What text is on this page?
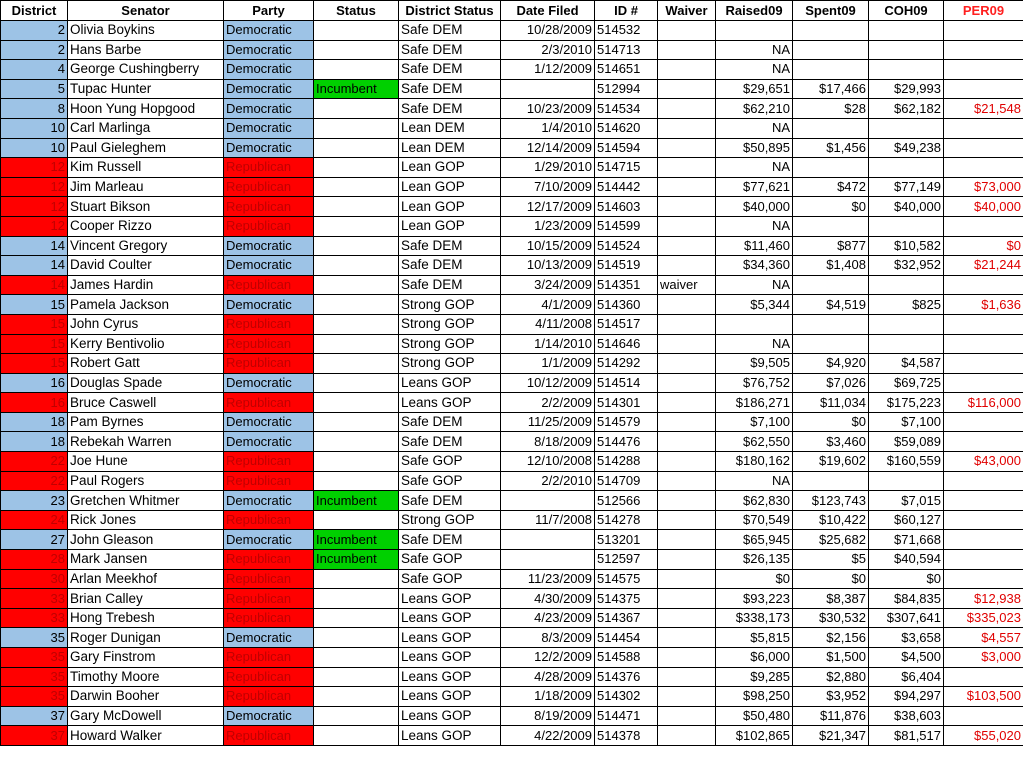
District	Senator	Party	Status	District Status	Date Filed	ID #	Waiver	Raised09	Spent09	COH09	PER09
2	Olivia Boykins	Democratic		Safe DEM	10/28/2009	514532					
2	Hans Barbe	Democratic		Safe DEM	2/3/2010	514713		NA			
4	George Cushingberry	Democratic		Safe DEM	1/12/2009	514651		NA			
5	Tupac Hunter	Democratic	Incumbent	Safe DEM		512994		$29,651	$17,466	$29,993	
8	Hoon Yung Hopgood	Democratic		Safe DEM	10/23/2009	514534		$62,210	$28	$62,182	$21,548
10	Carl Marlinga	Democratic		Lean DEM	1/4/2010	514620		NA			
10	Paul Gieleghem	Democratic		Lean DEM	12/14/2009	514594		$50,895	$1,456	$49,238	
12	Kim Russell	Republican		Lean GOP	1/29/2010	514715		NA			
12	Jim Marleau	Republican		Lean GOP	7/10/2009	514442		$77,621	$472	$77,149	$73,000
12	Stuart Bikson	Republican		Lean GOP	12/17/2009	514603		$40,000	$0	$40,000	$40,000
12	Cooper Rizzo	Republican		Lean GOP	1/23/2009	514599		NA			
14	Vincent Gregory	Democratic		Safe DEM	10/15/2009	514524		$11,460	$877	$10,582	$0
14	David Coulter	Democratic		Safe DEM	10/13/2009	514519		$34,360	$1,408	$32,952	$21,244
14	James Hardin	Republican		Safe DEM	3/24/2009	514351	waiver	NA			
15	Pamela Jackson	Democratic		Strong GOP	4/1/2009	514360		$5,344	$4,519	$825	$1,636
15	John Cyrus	Republican		Strong GOP	4/11/2008	514517					
15	Kerry Bentivolio	Republican		Strong GOP	1/14/2010	514646		NA			
15	Robert Gatt	Republican		Strong GOP	1/1/2009	514292		$9,505	$4,920	$4,587	
16	Douglas Spade	Democratic		Leans GOP	10/12/2009	514514		$76,752	$7,026	$69,725	
16	Bruce Caswell	Republican		Leans GOP	2/2/2009	514301		$186,271	$11,034	$175,223	$116,000
18	Pam Byrnes	Democratic		Safe DEM	11/25/2009	514579		$7,100	$0	$7,100	
18	Rebekah Warren	Democratic		Safe DEM	8/18/2009	514476		$62,550	$3,460	$59,089	
22	Joe Hune	Republican		Safe GOP	12/10/2008	514288		$180,162	$19,602	$160,559	$43,000
22	Paul Rogers	Republican		Safe GOP	2/2/2010	514709		NA			
23	Gretchen Whitmer	Democratic	Incumbent	Safe DEM		512566		$62,830	$123,743	$7,015	
24	Rick Jones	Republican		Strong GOP	11/7/2008	514278		$70,549	$10,422	$60,127	
27	John Gleason	Democratic	Incumbent	Safe DEM		513201		$65,945	$25,682	$71,668	
28	Mark Jansen	Republican	Incumbent	Safe GOP		512597		$26,135	$5	$40,594	
30	Arlan Meekhof	Republican		Safe GOP	11/23/2009	514575		$0	$0	$0	
33	Brian Calley	Republican		Leans GOP	4/30/2009	514375		$93,223	$8,387	$84,835	$12,938
33	Hong Trebesh	Republican		Leans GOP	4/23/2009	514367		$338,173	$30,532	$307,641	$335,023
35	Roger Dunigan	Democratic		Leans GOP	8/3/2009	514454		$5,815	$2,156	$3,658	$4,557
35	Gary Finstrom	Republican		Leans GOP	12/2/2009	514588		$6,000	$1,500	$4,500	$3,000
35	Timothy Moore	Republican		Leans GOP	4/28/2009	514376		$9,285	$2,880	$6,404	
35	Darwin Booher	Republican		Leans GOP	1/18/2009	514302		$98,250	$3,952	$94,297	$103,500
37	Gary McDowell	Democratic		Leans GOP	8/19/2009	514471		$50,480	$11,876	$38,603	
37	Howard Walker	Republican		Leans GOP	4/22/2009	514378		$102,865	$21,347	$81,517	$55,020
